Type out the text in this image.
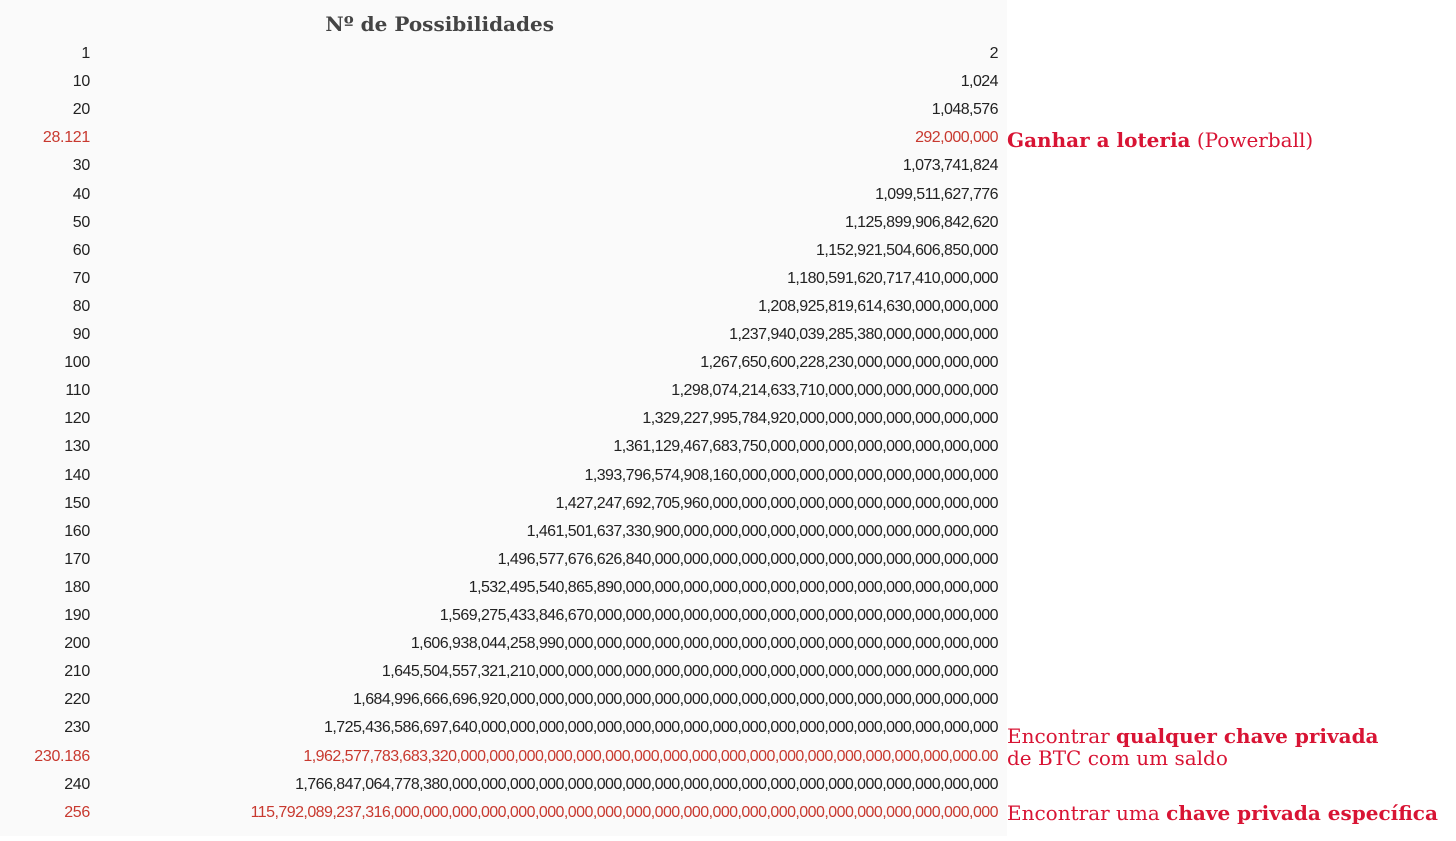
Nº de Possibilidades
1	2
10	1,024
20	1,048,576
28.121	292,000,000
30	1,073,741,824
40	1,099,511,627,776
50	1,125,899,906,842,620
60	1,152,921,504,606,850,000
70	1,180,591,620,717,410,000,000
80	1,208,925,819,614,630,000,000,000
90	1,237,940,039,285,380,000,000,000,000
100	1,267,650,600,228,230,000,000,000,000,000
110	1,298,074,214,633,710,000,000,000,000,000,000
120	1,329,227,995,784,920,000,000,000,000,000,000,000
130	1,361,129,467,683,750,000,000,000,000,000,000,000,000
140	1,393,796,574,908,160,000,000,000,000,000,000,000,000,000
150	1,427,247,692,705,960,000,000,000,000,000,000,000,000,000,000
160	1,461,501,637,330,900,000,000,000,000,000,000,000,000,000,000,000
170	1,496,577,676,626,840,000,000,000,000,000,000,000,000,000,000,000,000
180	1,532,495,540,865,890,000,000,000,000,000,000,000,000,000,000,000,000,000
190	1,569,275,433,846,670,000,000,000,000,000,000,000,000,000,000,000,000,000,000
200	1,606,938,044,258,990,000,000,000,000,000,000,000,000,000,000,000,000,000,000,000
210	1,645,504,557,321,210,000,000,000,000,000,000,000,000,000,000,000,000,000,000,000,000
220	1,684,996,666,696,920,000,000,000,000,000,000,000,000,000,000,000,000,000,000,000,000,000
230	1,725,436,586,697,640,000,000,000,000,000,000,000,000,000,000,000,000,000,000,000,000,000,000
230.186	1,962,577,783,683,320,000,000,000,000,000,000,000,000,000,000,000,000,000,000,000,000,000,000.00
240	1,766,847,064,778,380,000,000,000,000,000,000,000,000,000,000,000,000,000,000,000,000,000,000,000
256	115,792,089,237,316,000,000,000,000,000,000,000,000,000,000,000,000,000,000,000,000,000,000,000,000,000
Ganhar a loteria (Powerball)
Encontrar qualquer chave privada
de BTC com um saldo
Encontrar uma chave privada específica
